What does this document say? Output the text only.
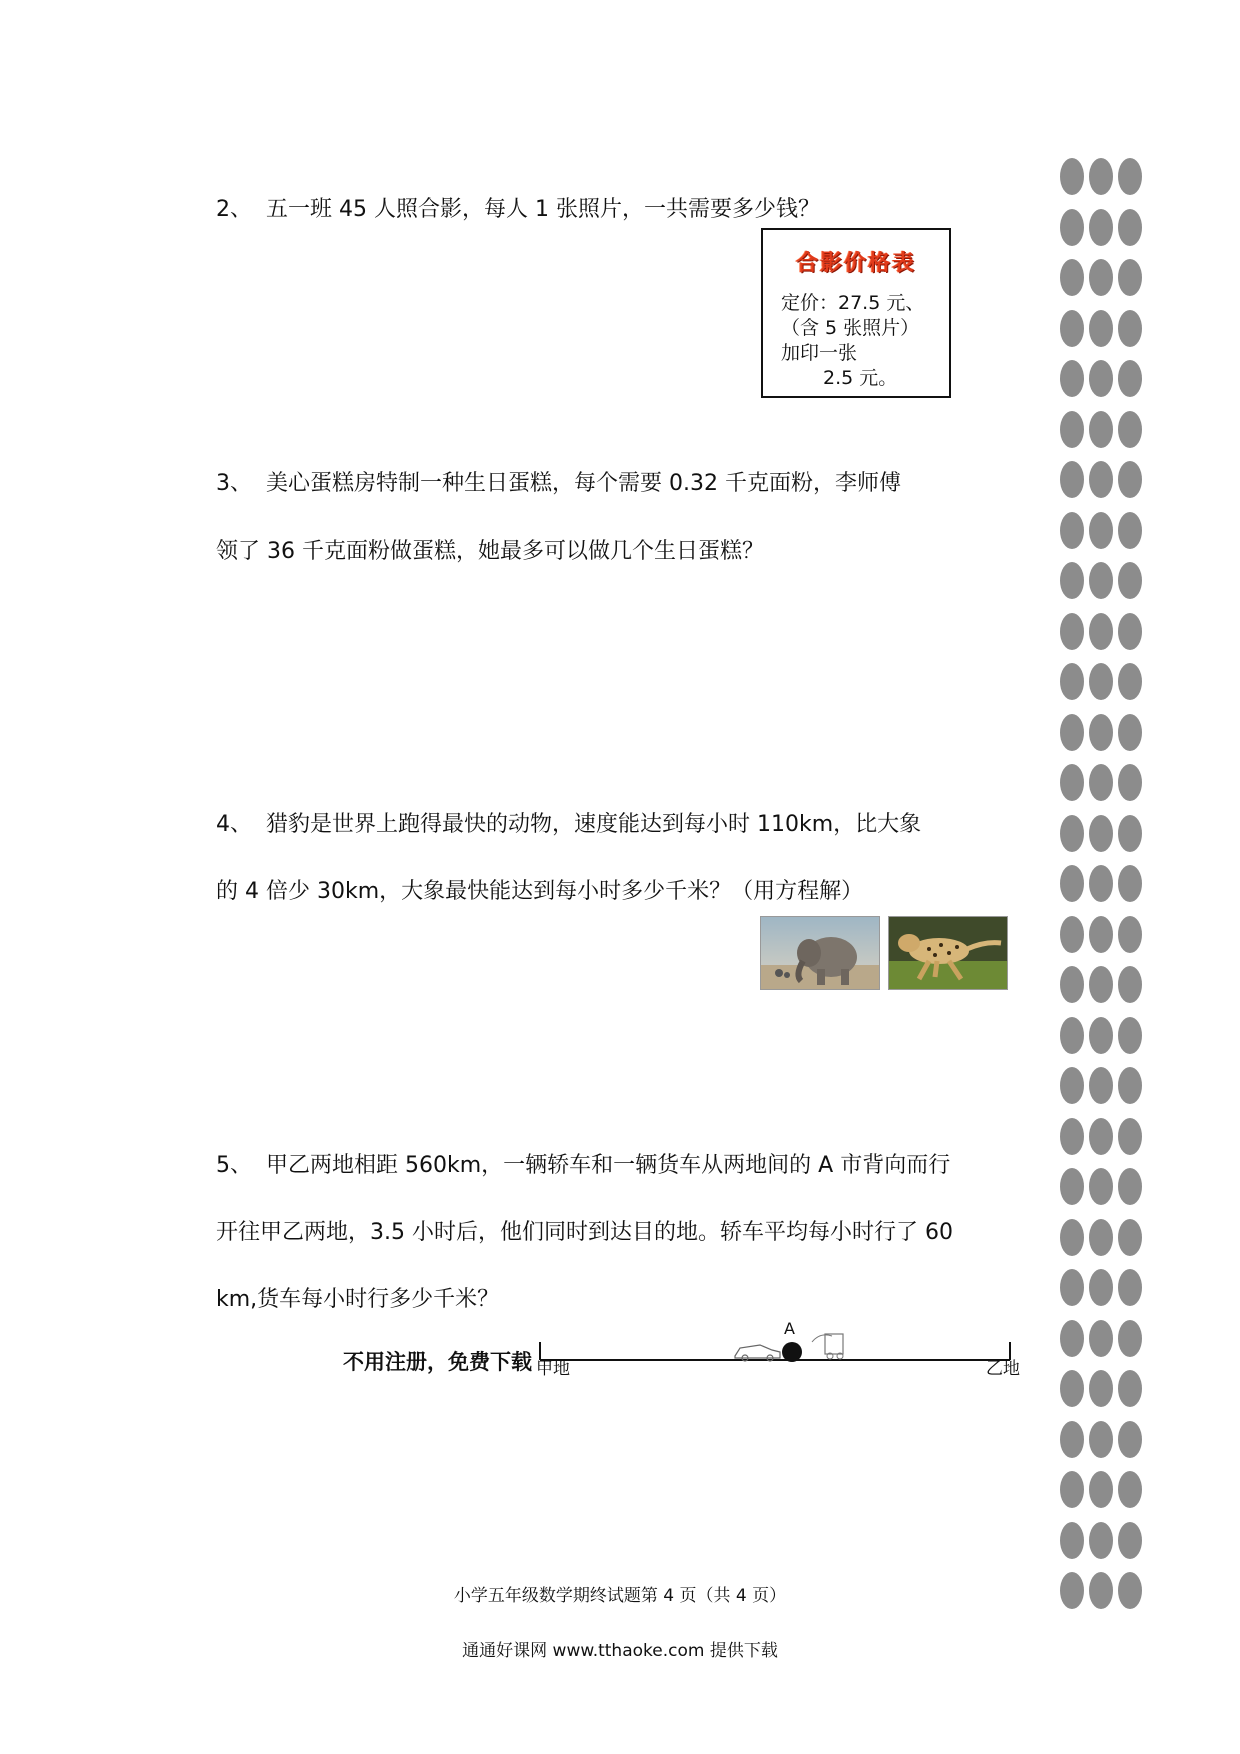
2、 五一班 45 人照合影，每人 1 张照片，一共需要多少钱？
合影价格表
定价：27.5 元、
（含 5 张照片）
加印一张
2.5 元。
3、 美心蛋糕房特制一种生日蛋糕，每个需要 0.32 千克面粉，李师傅
领了 36 千克面粉做蛋糕，她最多可以做几个生日蛋糕？
4、 猎豹是世界上跑得最快的动物，速度能达到每小时 110km，比大象
的 4 倍少 30km，大象最快能达到每小时多少千米？（用方程解）
5、 甲乙两地相距 560km，一辆轿车和一辆货车从两地间的 A 市背向而行
开往甲乙两地，3.5 小时后，他们同时到达目的地。轿车平均每小时行了 60
km,货车每小时行多少千米？
A
甲地	乙地
不用注册，免费下载
小学五年级数学期终试题第 4 页（共 4 页）
通通好课网 www.tthaoke.com 提供下载
